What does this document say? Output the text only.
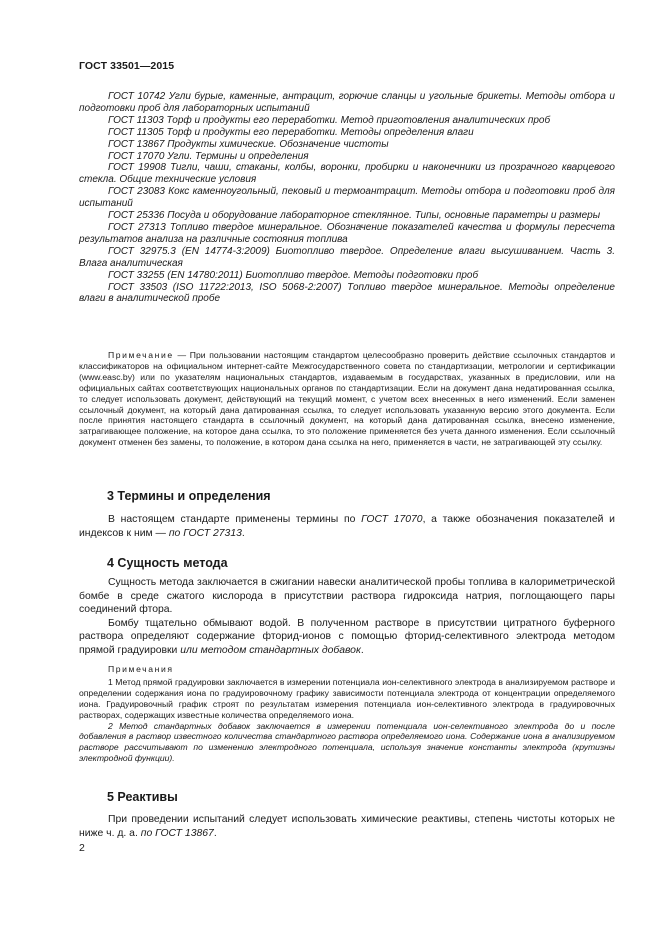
ГОСТ 33501—2015

ГОСТ 10742 Угли бурые, каменные, антрацит, горючие сланцы и угольные брикеты. Методы отбора и подготовки проб для лабораторных испытаний

ГОСТ 11303 Торф и продукты его переработки. Метод приготовления аналитических проб

ГОСТ 11305 Торф и продукты его переработки. Методы определения влаги

ГОСТ 13867 Продукты химические. Обозначение чистоты

ГОСТ 17070 Угли. Термины и определения

ГОСТ 19908 Тигли, чаши, стаканы, колбы, воронки, пробирки и наконечники из прозрачного кварцевого стекла. Общие технические условия

ГОСТ 23083 Кокс каменноугольный, пековый и термоантрацит. Методы отбора и подготовки проб для испытаний

ГОСТ 25336 Посуда и оборудование лабораторное стеклянное. Типы, основные параметры и размеры

ГОСТ 27313 Топливо твердое минеральное. Обозначение показателей качества и формулы пересчета результатов анализа на различные состояния топлива

ГОСТ 32975.3 (EN 14774-3:2009) Биотопливо твердое. Определение влаги высушиванием. Часть 3. Влага аналитическая

ГОСТ 33255 (EN 14780:2011) Биотопливо твердое. Методы подготовки проб

ГОСТ 33503 (ISO 11722:2013, ISO 5068-2:2007) Топливо твердое минеральное. Методы определение влаги в аналитической пробе

Примечание — При пользовании настоящим стандартом целесообразно проверить действие ссылочных стандартов и классификаторов на официальном интернет-сайте Межгосударственного совета по стандартизации, метрологии и сертификации (www.easc.by) или по указателям национальных стандартов, издаваемым в государствах, указанных в предисловии, или на официальных сайтах соответствующих национальных органов по стандартизации. Если на документ дана недатированная ссылка, то следует использовать документ, действующий на текущий момент, с учетом всех внесенных в него изменений. Если заменен ссылочный документ, на который дана датированная ссылка, то следует использовать указанную версию этого документа. Если после принятия настоящего стандарта в ссылочный документ, на который дана датированная ссылка, внесено изменение, затрагивающее положение, на которое дана ссылка, то это положение применяется без учета данного изменения. Если ссылочный документ отменен без замены, то положение, в котором дана ссылка на него, применяется в части, не затрагивающей эту ссылку.

3 Термины и определения

В настоящем стандарте применены термины по ГОСТ 17070, а также обозначения показателей и индексов к ним — по ГОСТ 27313.

4 Сущность метода

Сущность метода заключается в сжигании навески аналитической пробы топлива в калориметрической бомбе в среде сжатого кислорода в присутствии раствора гидроксида натрия, поглощающего пары соединений фтора.

Бомбу тщательно обмывают водой. В полученном растворе в присутствии цитратного буферного раствора определяют содержание фторид-ионов с помощью фторид-селективного электрода методом прямой градуировки или методом стандартных добавок.

Примечания

1 Метод прямой градуировки заключается в измерении потенциала ион-селективного электрода в анализируемом растворе и определении содержания иона по градуировочному графику зависимости потенциала электрода от концентрации определяемого иона. Градуировочный график строят по результатам измерения потенциала ион-селективного электрода в градуировочных растворах, содержащих известные количества определяемого иона.

2 Метод стандартных добавок заключается в измерении потенциала ион-селективного электрода до и после добавления в раствор известного количества стандартного раствора определяемого иона. Содержание иона в анализируемом растворе рассчитывают по изменению электродного потенциала, используя значение константы электрода (крутизны электродной функции).

5 Реактивы

При проведении испытаний следует использовать химические реактивы, степень чистоты которых не ниже ч. д. а. по ГОСТ 13867.

2
